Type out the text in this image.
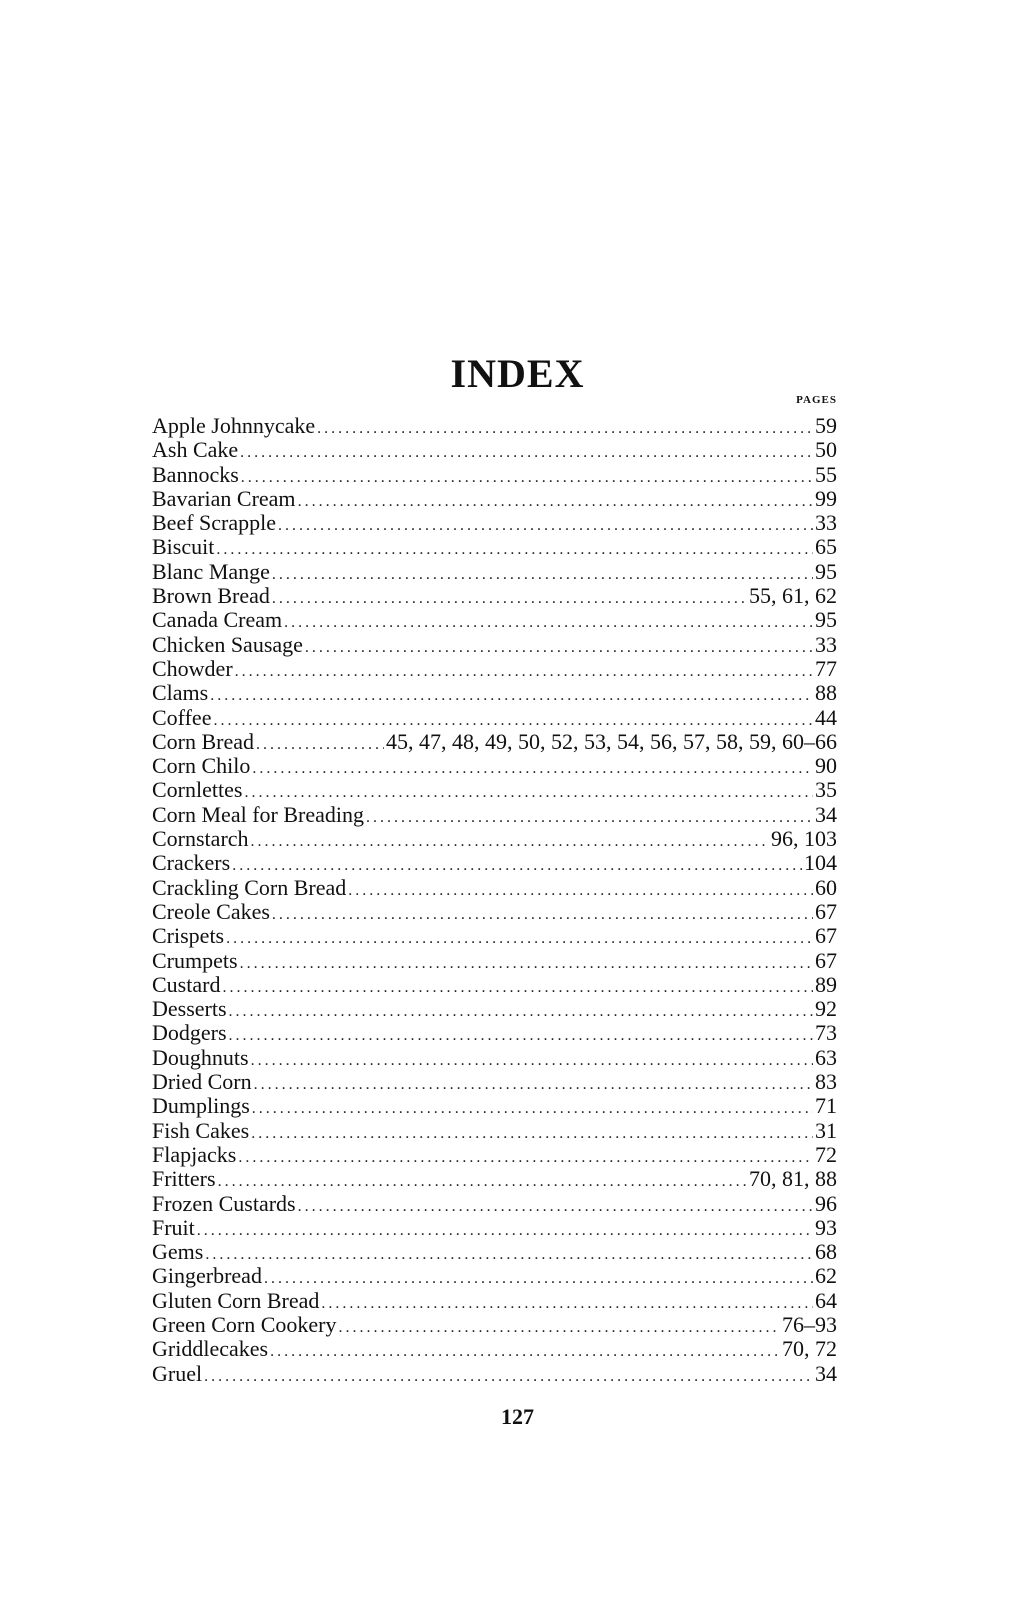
INDEX
PAGES
Apple Johnnycake .....	59
Ash Cake .....	50
Bannocks .....	55
Bavarian Cream .....	99
Beef Scrapple .....	33
Biscuit .....	65
Blanc Mange .....	95
Brown Bread .....	55, 61, 62
Canada Cream .....	95
Chicken Sausage .....	33
Chowder .....	77
Clams .....	88
Coffee .....	44
Corn Bread .....	45, 47, 48, 49, 50, 52, 53, 54, 56, 57, 58, 59, 60–66
Corn Chilo .....	90
Cornlettes .....	35
Corn Meal for Breading .....	34
Cornstarch .....	96, 103
Crackers .....	104
Crackling Corn Bread .....	60
Creole Cakes .....	67
Crispets .....	67
Crumpets .....	67
Custard .....	89
Desserts .....	92
Dodgers .....	73
Doughnuts .....	63
Dried Corn .....	83
Dumplings .....	71
Fish Cakes .....	31
Flapjacks .....	72
Fritters .....	70, 81, 88
Frozen Custards .....	96
Fruit .....	93
Gems .....	68
Gingerbread .....	62
Gluten Corn Bread .....	64
Green Corn Cookery .....	76–93
Griddlecakes .....	70, 72
Gruel .....	34
127
